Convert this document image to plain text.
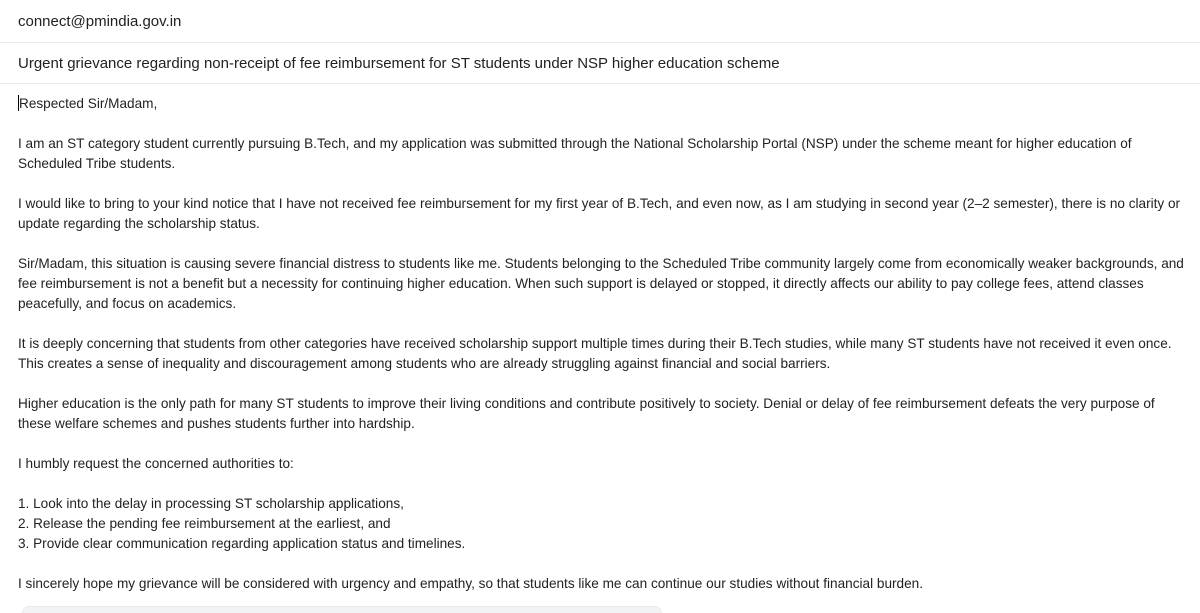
connect@pmindia.gov.in
Urgent grievance regarding non-receipt of fee reimbursement for ST students under NSP higher education scheme

Respected Sir/Madam,

I am an ST category student currently pursuing B.Tech, and my application was submitted through the National Scholarship Portal (NSP) under the scheme meant for higher education of Scheduled Tribe students.

I would like to bring to your kind notice that I have not received fee reimbursement for my first year of B.Tech, and even now, as I am studying in second year (2–2 semester), there is no clarity or update regarding the scholarship status.

Sir/Madam, this situation is causing severe financial distress to students like me. Students belonging to the Scheduled Tribe community largely come from economically weaker backgrounds, and fee reimbursement is not a benefit but a necessity for continuing higher education. When such support is delayed or stopped, it directly affects our ability to pay college fees, attend classes peacefully, and focus on academics.

It is deeply concerning that students from other categories have received scholarship support multiple times during their B.Tech studies, while many ST students have not received it even once. This creates a sense of inequality and discouragement among students who are already struggling against financial and social barriers.

Higher education is the only path for many ST students to improve their living conditions and contribute positively to society. Denial or delay of fee reimbursement defeats the very purpose of these welfare schemes and pushes students further into hardship.

I humbly request the concerned authorities to:

1. Look into the delay in processing ST scholarship applications,

2. Release the pending fee reimbursement at the earliest, and

3. Provide clear communication regarding application status and timelines.

I sincerely hope my grievance will be considered with urgency and empathy, so that students like me can continue our studies without financial burden.
